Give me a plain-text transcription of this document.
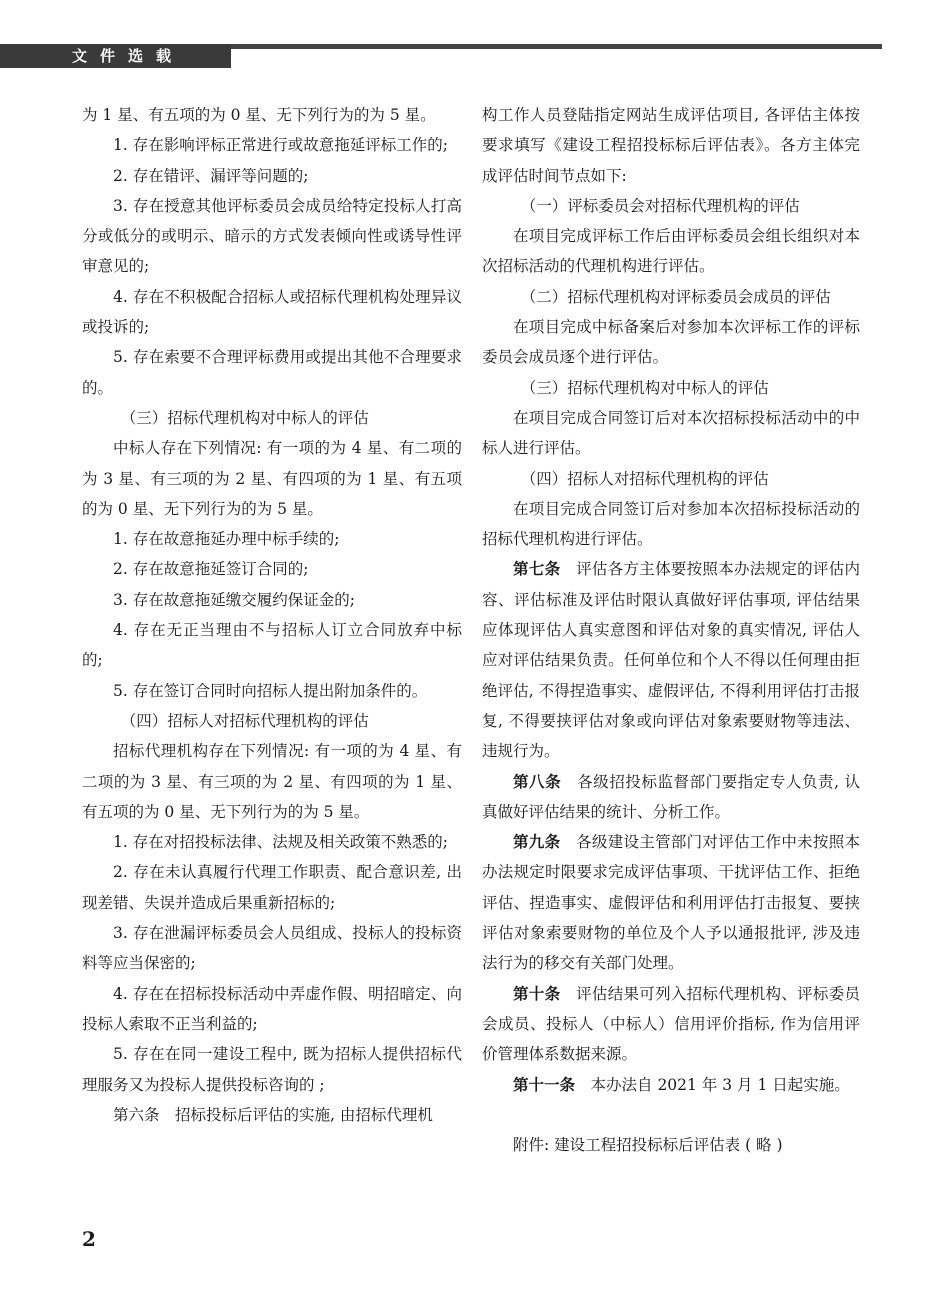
文件选载

为 1 星、有五项的为 0 星、无下列行为的为 5 星。

1. 存在影响评标正常进行或故意拖延评标工作的;

2. 存在错评、漏评等问题的;

3. 存在授意其他评标委员会成员给特定投标人打高分或低分的或明示、暗示的方式发表倾向性或诱导性评审意见的;

4. 存在不积极配合招标人或招标代理机构处理异议或投诉的;

5. 存在索要不合理评标费用或提出其他不合理要求的。

（三）招标代理机构对中标人的评估

中标人存在下列情况: 有一项的为 4 星、有二项的为 3 星、有三项的为 2 星、有四项的为 1 星、有五项的为 0 星、无下列行为的为 5 星。

1. 存在故意拖延办理中标手续的;

2. 存在故意拖延签订合同的;

3. 存在故意拖延缴交履约保证金的;

4. 存在无正当理由不与招标人订立合同放弃中标的;

5. 存在签订合同时向招标人提出附加条件的。

（四）招标人对招标代理机构的评估

招标代理机构存在下列情况: 有一项的为 4 星、有二项的为 3 星、有三项的为 2 星、有四项的为 1 星、有五项的为 0 星、无下列行为的为 5 星。

1. 存在对招投标法律、法规及相关政策不熟悉的;

2. 存在未认真履行代理工作职责、配合意识差, 出现差错、失误并造成后果重新招标的;

3. 存在泄漏评标委员会人员组成、投标人的投标资料等应当保密的;

4. 存在在招标投标活动中弄虚作假、明招暗定、向投标人索取不正当利益的;

5. 存在在同一建设工程中, 既为招标人提供招标代理服务又为投标人提供投标咨询的 ;

第六条　招标投标后评估的实施, 由招标代理机

构工作人员登陆指定网站生成评估项目, 各评估主体按要求填写《建设工程招投标标后评估表》。各方主体完成评估时间节点如下:

（一）评标委员会对招标代理机构的评估

在项目完成评标工作后由评标委员会组长组织对本次招标活动的代理机构进行评估。

（二）招标代理机构对评标委员会成员的评估

在项目完成中标备案后对参加本次评标工作的评标委员会成员逐个进行评估。

（三）招标代理机构对中标人的评估

在项目完成合同签订后对本次招标投标活动中的中标人进行评估。

（四）招标人对招标代理机构的评估

在项目完成合同签订后对参加本次招标投标活动的招标代理机构进行评估。

第七条　评估各方主体要按照本办法规定的评估内容、评估标准及评估时限认真做好评估事项, 评估结果应体现评估人真实意图和评估对象的真实情况, 评估人应对评估结果负责。任何单位和个人不得以任何理由拒绝评估, 不得捏造事实、虚假评估, 不得利用评估打击报复, 不得要挟评估对象或向评估对象索要财物等违法、违规行为。

第八条　各级招投标监督部门要指定专人负责, 认真做好评估结果的统计、分析工作。

第九条　各级建设主管部门对评估工作中未按照本办法规定时限要求完成评估事项、干扰评估工作、拒绝评估、捏造事实、虚假评估和利用评估打击报复、要挟评估对象索要财物的单位及个人予以通报批评, 涉及违法行为的移交有关部门处理。

第十条　评估结果可列入招标代理机构、评标委员会成员、投标人（中标人）信用评价指标, 作为信用评价管理体系数据来源。

第十一条　本办法自 2021 年 3 月 1 日起实施。

附件: 建设工程招投标标后评估表 ( 略 )

2
